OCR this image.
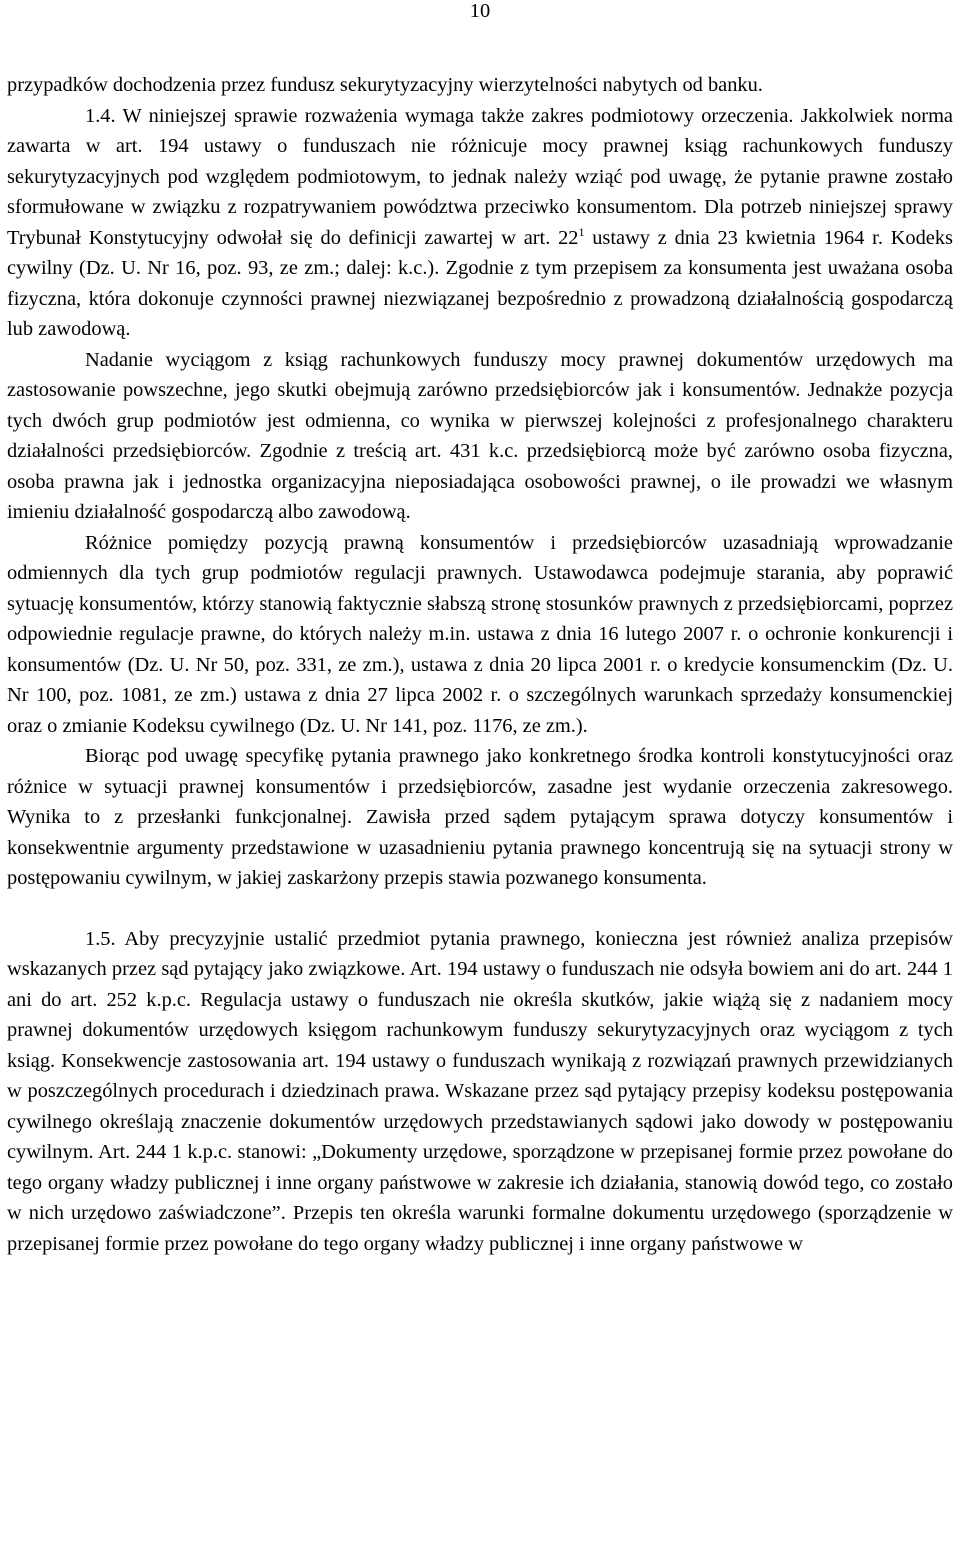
10

przypadków dochodzenia przez fundusz sekurytyzacyjny wierzytelności nabytych od banku.

1.4. W niniejszej sprawie rozważenia wymaga także zakres podmiotowy orzeczenia. Jakkolwiek norma zawarta w art. 194 ustawy o funduszach nie różnicuje mocy prawnej ksiąg rachunkowych funduszy sekurytyzacyjnych pod względem podmiotowym, to jednak należy wziąć pod uwagę, że pytanie prawne zostało sformułowane w związku z rozpatrywaniem powództwa przeciwko konsumentom. Dla potrzeb niniejszej sprawy Trybunał Konstytucyjny odwołał się do definicji zawartej w art. $22^1$ ustawy z dnia 23 kwietnia 1964 r. Kodeks cywilny (Dz. U. Nr 16, poz. 93, ze zm.; dalej: k.c.). Zgodnie z tym przepisem za konsumenta jest uważana osoba fizyczna, która dokonuje czynności prawnej niezwiązanej bezpośrednio z prowadzoną działalnością gospodarczą lub zawodową.

Nadanie wyciągom z ksiąg rachunkowych funduszy mocy prawnej dokumentów urzędowych ma zastosowanie powszechne, jego skutki obejmują zarówno przedsiębiorców jak i konsumentów. Jednakże pozycja tych dwóch grup podmiotów jest odmienna, co wynika w pierwszej kolejności z profesjonalnego charakteru działalności przedsiębiorców. Zgodnie z treścią art. 431 k.c. przedsiębiorcą może być zarówno osoba fizyczna, osoba prawna jak i jednostka organizacyjna nieposiadająca osobowości prawnej, o ile prowadzi we własnym imieniu działalność gospodarczą albo zawodową.

Różnice pomiędzy pozycją prawną konsumentów i przedsiębiorców uzasadniają wprowadzanie odmiennych dla tych grup podmiotów regulacji prawnych. Ustawodawca podejmuje starania, aby poprawić sytuację konsumentów, którzy stanowią faktycznie słabszą stronę stosunków prawnych z przedsiębiorcami, poprzez odpowiednie regulacje prawne, do których należy m.in. ustawa z dnia 16 lutego 2007 r. o ochronie konkurencji i konsumentów (Dz. U. Nr 50, poz. 331, ze zm.), ustawa z dnia 20 lipca 2001 r. o kredycie konsumenckim (Dz. U. Nr 100, poz. 1081, ze zm.) ustawa z dnia 27 lipca 2002 r. o szczególnych warunkach sprzedaży konsumenckiej oraz o zmianie Kodeksu cywilnego (Dz. U. Nr 141, poz. 1176, ze zm.).

Biorąc pod uwagę specyfikę pytania prawnego jako konkretnego środka kontroli konstytucyjności oraz różnice w sytuacji prawnej konsumentów i przedsiębiorców, zasadne jest wydanie orzeczenia zakresowego. Wynika to z przesłanki funkcjonalnej. Zawisła przed sądem pytającym sprawa dotyczy konsumentów i konsekwentnie argumenty przedstawione w uzasadnieniu pytania prawnego koncentrują się na sytuacji strony w postępowaniu cywilnym, w jakiej zaskarżony przepis stawia pozwanego konsumenta.

1.5. Aby precyzyjnie ustalić przedmiot pytania prawnego, konieczna jest również analiza przepisów wskazanych przez sąd pytający jako związkowe. Art. 194 ustawy o funduszach nie odsyła bowiem ani do art. 244 1 ani do art. 252 k.p.c. Regulacja ustawy o funduszach nie określa skutków, jakie wiążą się z nadaniem mocy prawnej dokumentów urzędowych księgom rachunkowym funduszy sekurytyzacyjnych oraz wyciągom z tych ksiąg. Konsekwencje zastosowania art. 194 ustawy o funduszach wynikają z rozwiązań prawnych przewidzianych w poszczególnych procedurach i dziedzinach prawa. Wskazane przez sąd pytający przepisy kodeksu postępowania cywilnego określają znaczenie dokumentów urzędowych przedstawianych sądowi jako dowody w postępowaniu cywilnym. Art. 244 1 k.p.c. stanowi: „Dokumenty urzędowe, sporządzone w przepisanej formie przez powołane do tego organy władzy publicznej i inne organy państwowe w zakresie ich działania, stanowią dowód tego, co zostało w nich urzędowo zaświadczone”. Przepis ten określa warunki formalne dokumentu urzędowego (sporządzenie w przepisanej formie przez powołane do tego organy władzy publicznej i inne organy państwowe w
